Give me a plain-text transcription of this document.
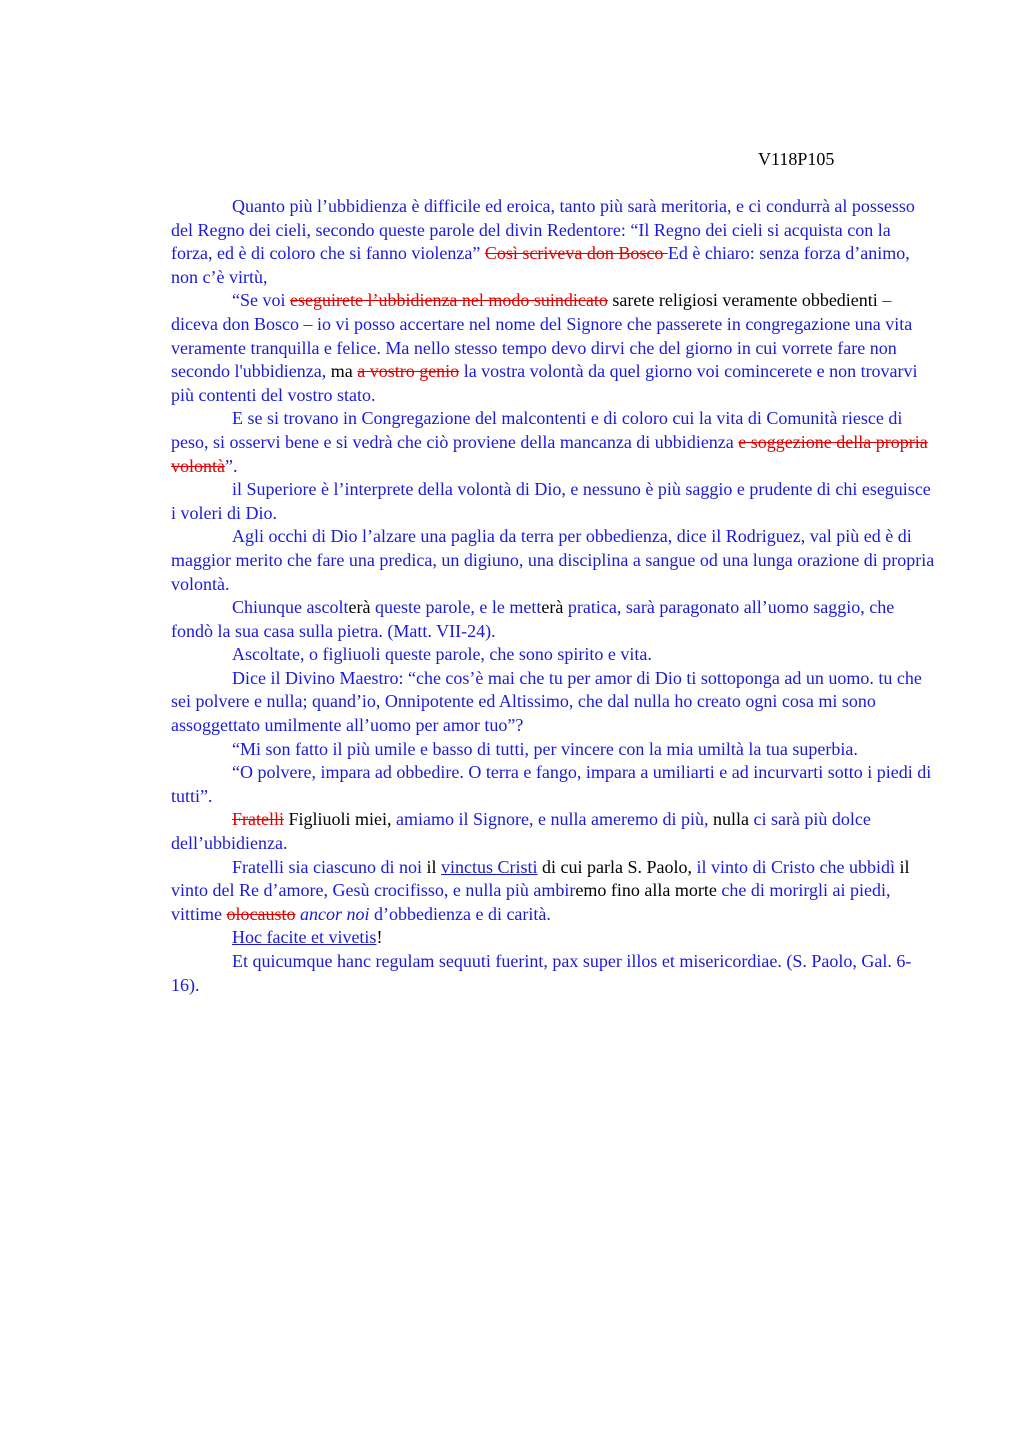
V118P105

Quanto più l’ubbidienza è difficile ed eroica, tanto più sarà meritoria, e ci condurrà al possesso del Regno dei cieli, secondo queste parole del divin Redentore: “Il Regno dei cieli si acquista con la forza, ed è di coloro che si fanno violenza” Così scriveva don Bosco Ed è chiaro: senza forza d’animo, non c’è virtù,

“Se voi eseguirete l’ubbidienza nel modo suindicato sarete religiosi veramente obbedienti – diceva don Bosco – io vi posso accertare nel nome del Signore che passerete in congregazione una vita veramente tranquilla e felice. Ma nello stesso tempo devo dirvi che del giorno in cui vorrete fare non secondo l'ubbidienza, ma a vostro genio la vostra volontà da quel giorno voi comincerete e non trovarvi più contenti del vostro stato.

E se si trovano in Congregazione del malcontenti e di coloro cui la vita di Comunità riesce di peso, si osservi bene e si vedrà che ciò proviene della mancanza di ubbidienza e soggezione della propria volontà”.

il Superiore è l’interprete della volontà di Dio, e nessuno è più saggio e prudente di chi eseguisce i voleri di Dio.

Agli occhi di Dio l’alzare una paglia da terra per obbedienza, dice il Rodriguez, val più ed è di maggior merito che fare una predica, un digiuno, una disciplina a sangue od una lunga orazione di propria volontà.

Chiunque ascolterà queste parole, e le metterà pratica, sarà paragonato all’uomo saggio, che fondò la sua casa sulla pietra. (Matt. VII-24).

Ascoltate, o figliuoli queste parole, che sono spirito e vita.

Dice il Divino Maestro: “che cos’è mai che tu per amor di Dio ti sottoponga ad un uomo. tu che sei polvere e nulla; quand’io, Onnipotente ed Altissimo, che dal nulla ho creato ogni cosa mi sono assoggettato umilmente all’uomo per amor tuo”?

“Mi son fatto il più umile e basso di tutti, per vincere con la mia umiltà la tua superbia.

“O polvere, impara ad obbedire. O terra e fango, impara a umiliarti e ad incurvarti sotto i piedi di tutti”.

Fratelli Figliuoli miei, amiamo il Signore, e nulla ameremo di più, nulla ci sarà più dolce dell’ubbidienza.

Fratelli sia ciascuno di noi il vinctus Cristi di cui parla S. Paolo, il vinto di Cristo che ubbidì il vinto del Re d’amore, Gesù crocifisso, e nulla più ambiremo fino alla morte che di morirgli ai piedi, vittime olocausto ancor noi d’obbedienza e di carità.

Hoc facite et vivetis!

Et quicumque hanc regulam sequuti fuerint, pax super illos et misericordiae. (S. Paolo, Gal. 6-16).
